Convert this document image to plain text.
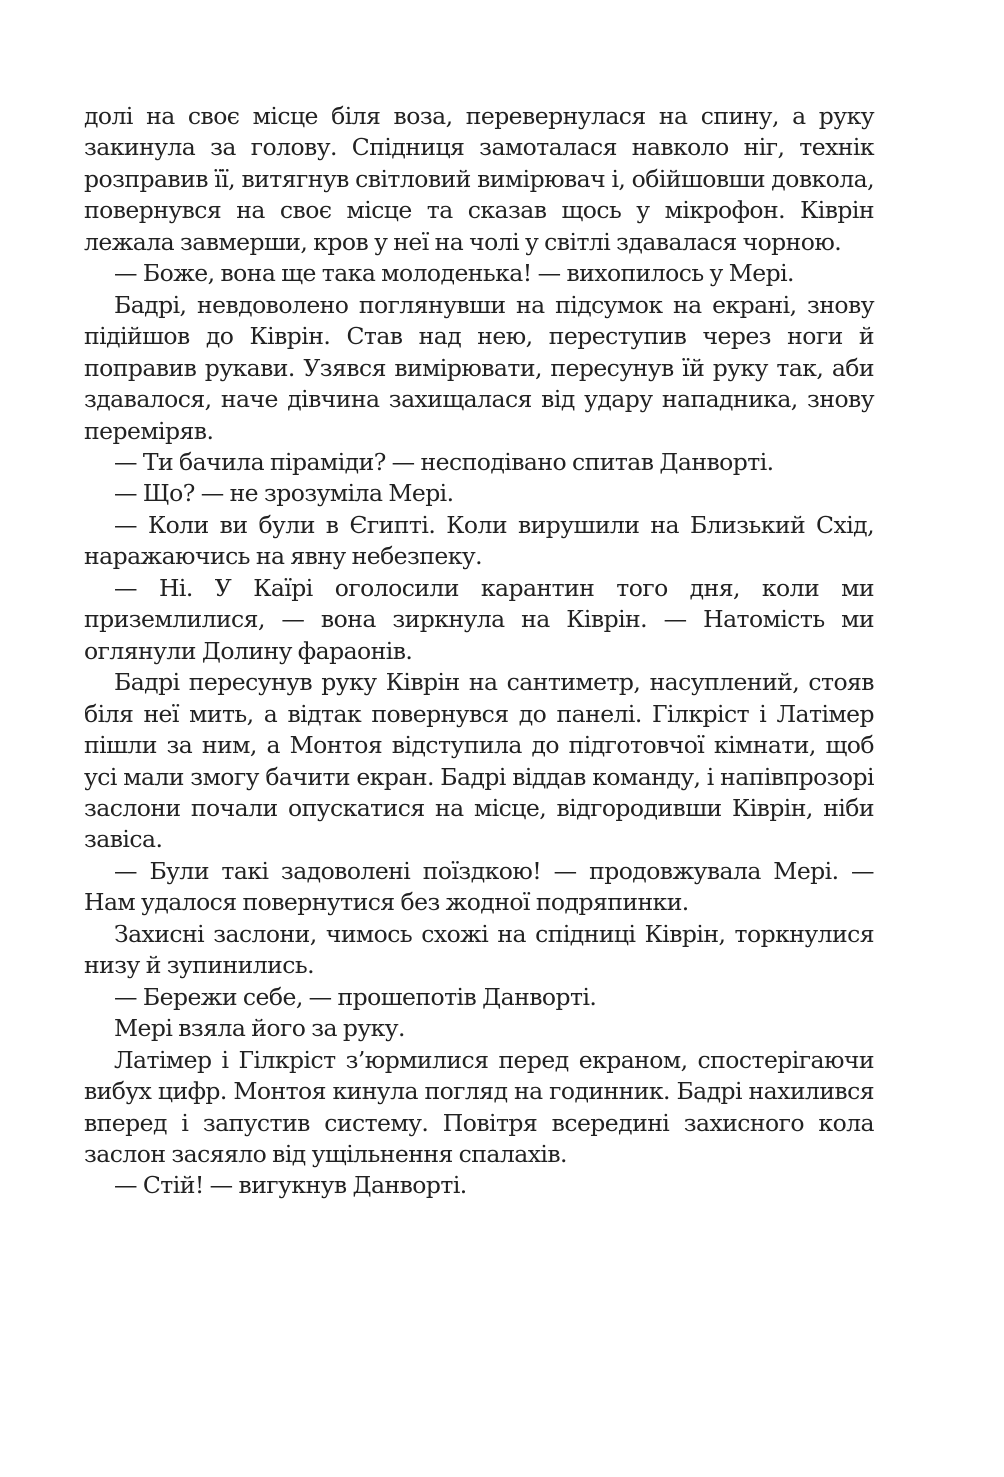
долі на своє місце біля воза, перевернулася на спину, а руку закинула за голову. Спідниця замоталася навколо ніг, технік розправив її, витягнув світловий вимірювач і, обійшовши довкола, повернувся на своє місце та сказав щось у мікрофон. Ківрін лежала завмерши, кров у неї на чолі у світлі здавалася чорною.

— Боже, вона ще така молоденька! — вихопилось у Мері.

Бадрі, невдоволено поглянувши на підсумок на екрані, знову підійшов до Ківрін. Став над нею, переступив через ноги й поправив рукави. Узявся вимірювати, пересунув їй руку так, аби здавалося, наче дівчина захищалася від удару нападника, знову переміряв.

— Ти бачила піраміди? — несподівано спитав Данворті.

— Що? — не зрозуміла Мері.

— Коли ви були в Єгипті. Коли вирушили на Близький Схід, наражаючись на явну небезпеку.

— Ні. У Каїрі оголосили карантин того дня, коли ми приземлилися, — вона зиркнула на Ківрін. — Натомість ми оглянули Долину фараонів.

Бадрі пересунув руку Ківрін на сантиметр, насуплений, стояв біля неї мить, а відтак повернувся до панелі. Гілкріст і Латімер пішли за ним, а Монтоя відступила до підготовчої кімнати, щоб усі мали змогу бачити екран. Бадрі віддав команду, і напівпрозорі заслони почали опускатися на місце, відгородивши Ківрін, ніби завіса.

— Були такі задоволені поїздкою! — продовжувала Мері. — Нам удалося повернутися без жодної подряпинки.

Захисні заслони, чимось схожі на спідниці Ківрін, торкнулися низу й зупинились.

— Бережи себе, — прошепотів Данворті.

Мері взяла його за руку.

Латімер і Гілкріст з’юрмилися перед екраном, спостерігаючи вибух цифр. Монтоя кинула погляд на годинник. Бадрі нахилився вперед і запустив систему. Повітря всередині захисного кола заслон засяяло від ущільнення спалахів.

— Стій! — вигукнув Данворті.
